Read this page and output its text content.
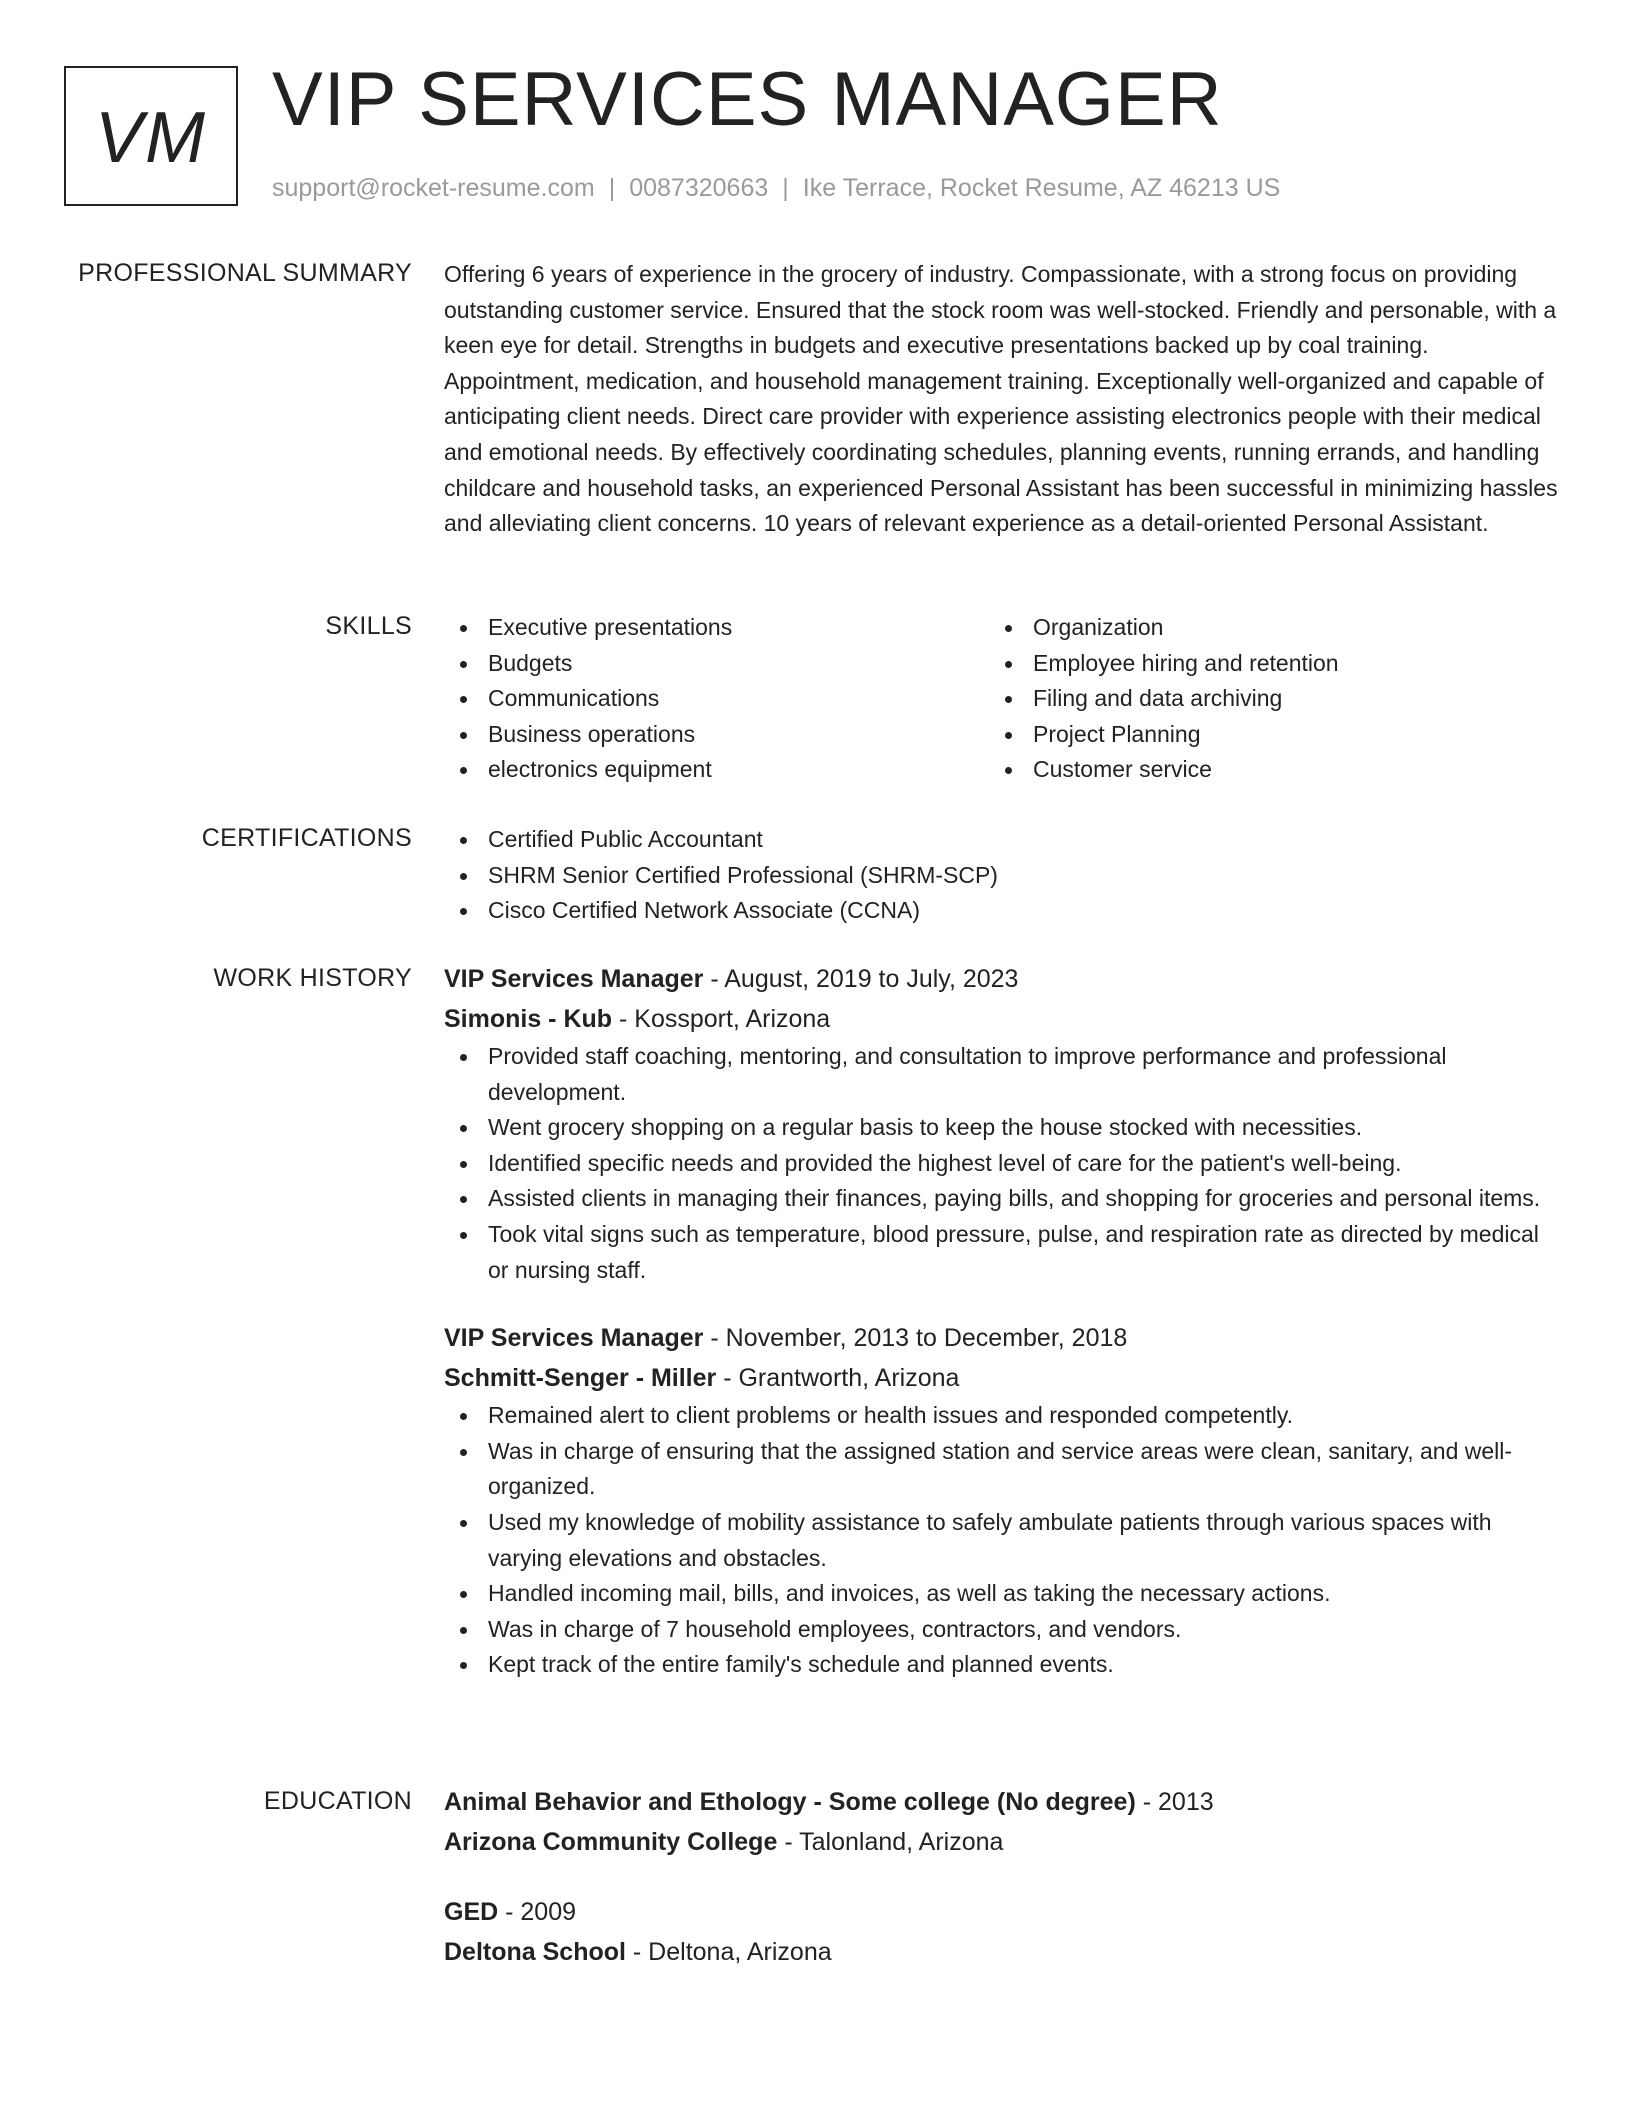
VM VIP SERVICES MANAGER
support@rocket-resume.com | 0087320663 | Ike Terrace, Rocket Resume, AZ 46213 US
PROFESSIONAL SUMMARY Offering 6 years of experience in the grocery of industry. Compassionate, with a strong focus on providing outstanding customer service. Ensured that the stock room was well-stocked. Friendly and personable, with a keen eye for detail. Strengths in budgets and executive presentations backed up by coal training. Appointment, medication, and household management training. Exceptionally well-organized and capable of anticipating client needs. Direct care provider with experience assisting electronics people with their medical and emotional needs. By effectively coordinating schedules, planning events, running errands, and handling childcare and household tasks, an experienced Personal Assistant has been successful in minimizing hassles and alleviating client concerns. 10 years of relevant experience as a detail-oriented Personal Assistant.

SKILLS	Executive presentations
Budgets
Communications
Business operations
electronics equipment
Organization
Employee hiring and retention
Filing and data archiving
Project Planning
Customer service
CERTIFICATIONS	Certified Public Accountant
SHRM Senior Certified Professional (SHRM-SCP)
Cisco Certified Network Associate (CCNA)
WORK HISTORY VIP Services Manager - August, 2019 to July, 2023
Simonis - Kub - Kossport, Arizona
Provided staff coaching, mentoring, and consultation to improve performance and professional development.
Went grocery shopping on a regular basis to keep the house stocked with necessities.
Identified specific needs and provided the highest level of care for the patient's well-being.
Assisted clients in managing their finances, paying bills, and shopping for groceries and personal items.
Took vital signs such as temperature, blood pressure, pulse, and respiration rate as directed by medical or nursing staff.
VIP Services Manager - November, 2013 to December, 2018
Schmitt-Senger - Miller - Grantworth, Arizona
Remained alert to client problems or health issues and responded competently.
Was in charge of ensuring that the assigned station and service areas were clean, sanitary, and well-organized.
Used my knowledge of mobility assistance to safely ambulate patients through various spaces with varying elevations and obstacles.
Handled incoming mail, bills, and invoices, as well as taking the necessary actions.
Was in charge of 7 household employees, contractors, and vendors.
Kept track of the entire family's schedule and planned events.
EDUCATION Animal Behavior and Ethology - Some college (No degree) - 2013
Arizona Community College - Talonland, Arizona
GED - 2009
Deltona School - Deltona, Arizona
